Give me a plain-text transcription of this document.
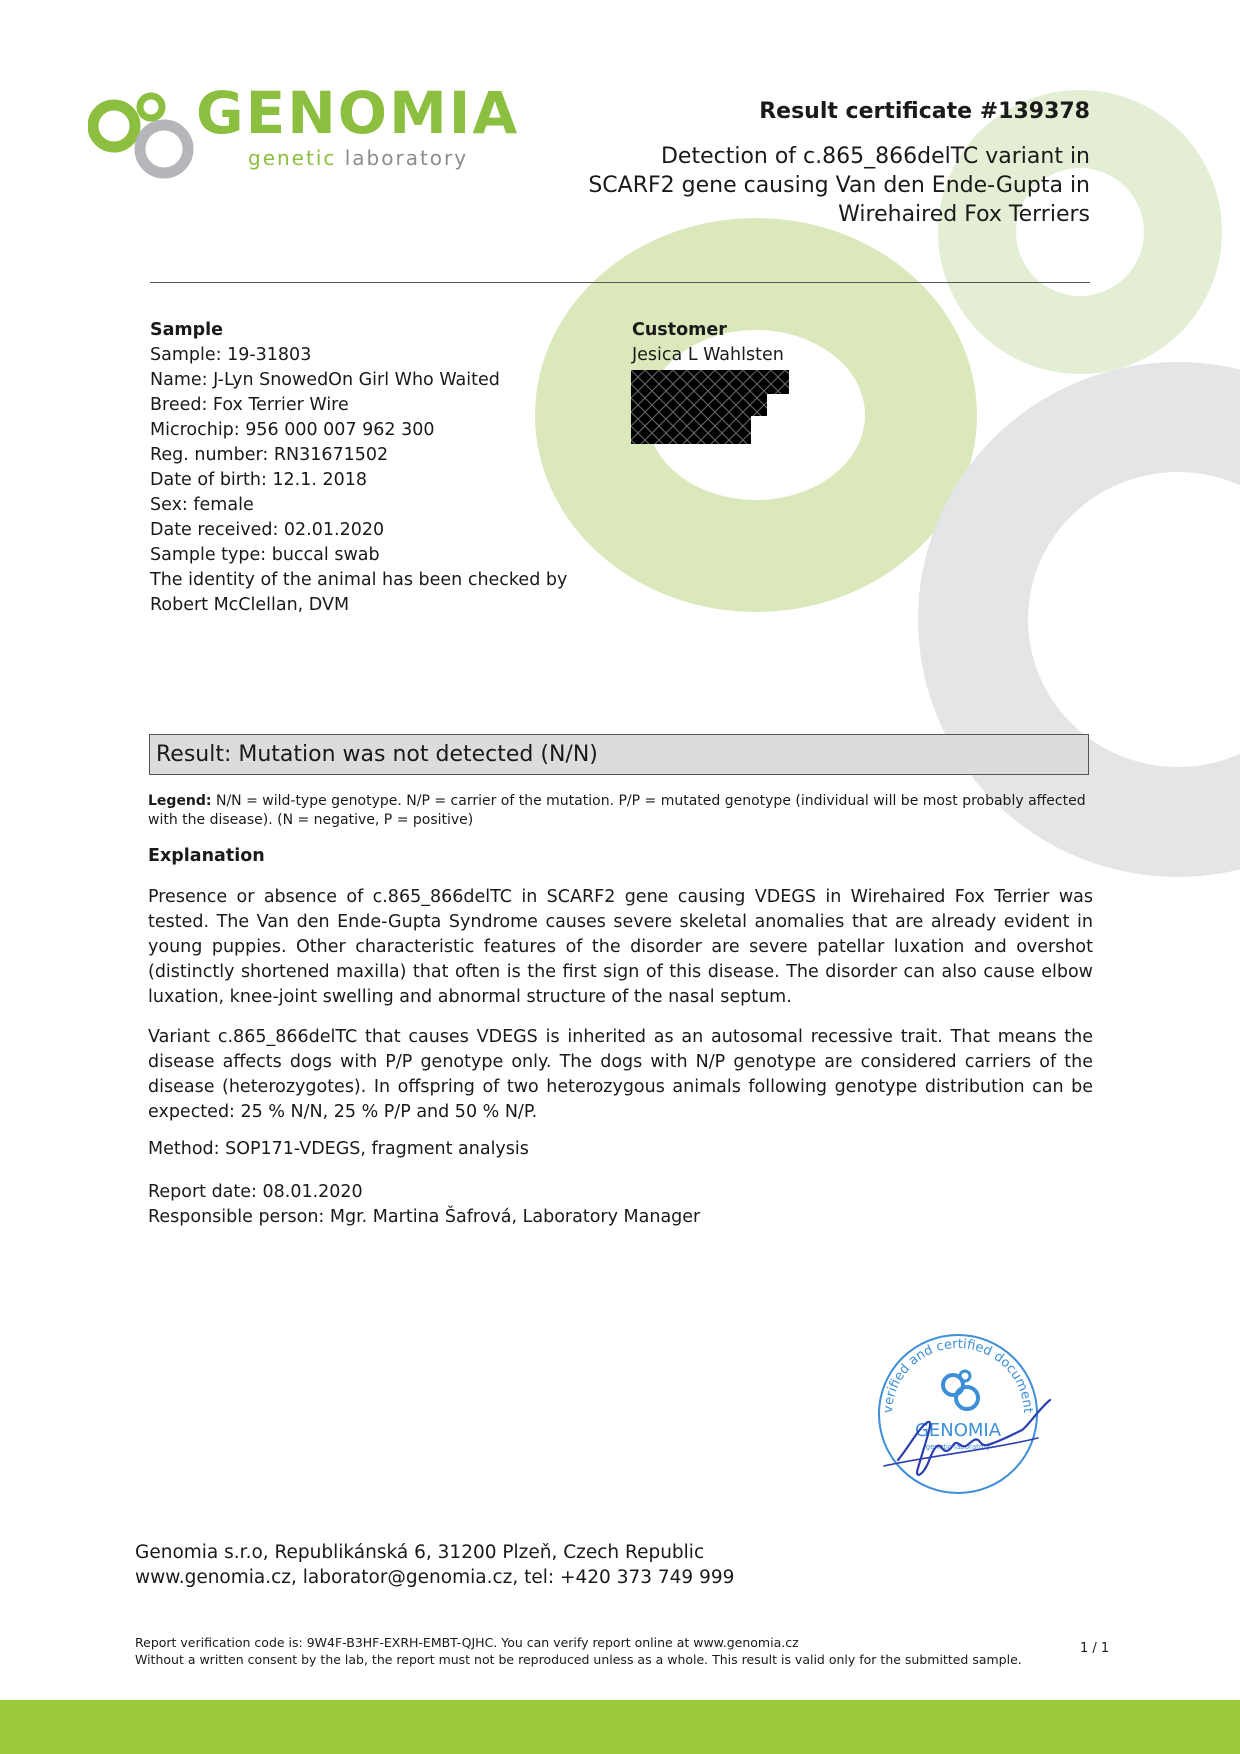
GENOMIA
genetic laboratory
Result certificate #139378
Detection of c.865_866delTC variant in SCARF2 gene causing Van den Ende-Gupta in Wirehaired Fox Terriers
Sample
Sample: 19-31803
Name: J-Lyn SnowedOn Girl Who Waited
Breed: Fox Terrier Wire
Microchip: 956 000 007 962 300
Reg. number: RN31671502
Date of birth: 12.1. 2018
Sex: female
Date received: 02.01.2020
Sample type: buccal swab
The identity of the animal has been checked by
Robert McClellan, DVM
Customer
Jesica L Wahlsten
Result: Mutation was not detected (N/N)
Legend: N/N = wild-type genotype. N/P = carrier of the mutation. P/P = mutated genotype (individual will be most probably affected with the disease). (N = negative, P = positive)
Explanation
Presence or absence of c.865_866delTC in SCARF2 gene causing VDEGS in Wirehaired Fox Terrier was tested. The Van den Ende-Gupta Syndrome causes severe skeletal anomalies that are already evident in young puppies. Other characteristic features of the disorder are severe patellar luxation and overshot (distinctly shortened maxilla) that often is the first sign of this disease. The disorder can also cause elbow luxation, knee-joint swelling and abnormal structure of the nasal septum.
Variant c.865_866delTC that causes VDEGS is inherited as an autosomal recessive trait. That means the disease affects dogs with P/P genotype only. The dogs with N/P genotype are considered carriers of the disease (heterozygotes). In offspring of two heterozygous animals following genotype distribution can be expected: 25 % N/N, 25 % P/P and 50 % N/P.
Method: SOP171-VDEGS, fragment analysis
Report date: 08.01.2020
Responsible person: Mgr. Martina Šafrová, Laboratory Manager
verified and certified document
GENOMIA
genetic laboratory
Genomia s.r.o, Republikánská 6, 31200 Plzeň, Czech Republic
www.genomia.cz, laborator@genomia.cz, tel: +420 373 749 999
Report verification code is: 9W4F-B3HF-EXRH-EMBT-QJHC. You can verify report online at www.genomia.cz
Without a written consent by the lab, the report must not be reproduced unless as a whole. This result is valid only for the submitted sample.
1 / 1
